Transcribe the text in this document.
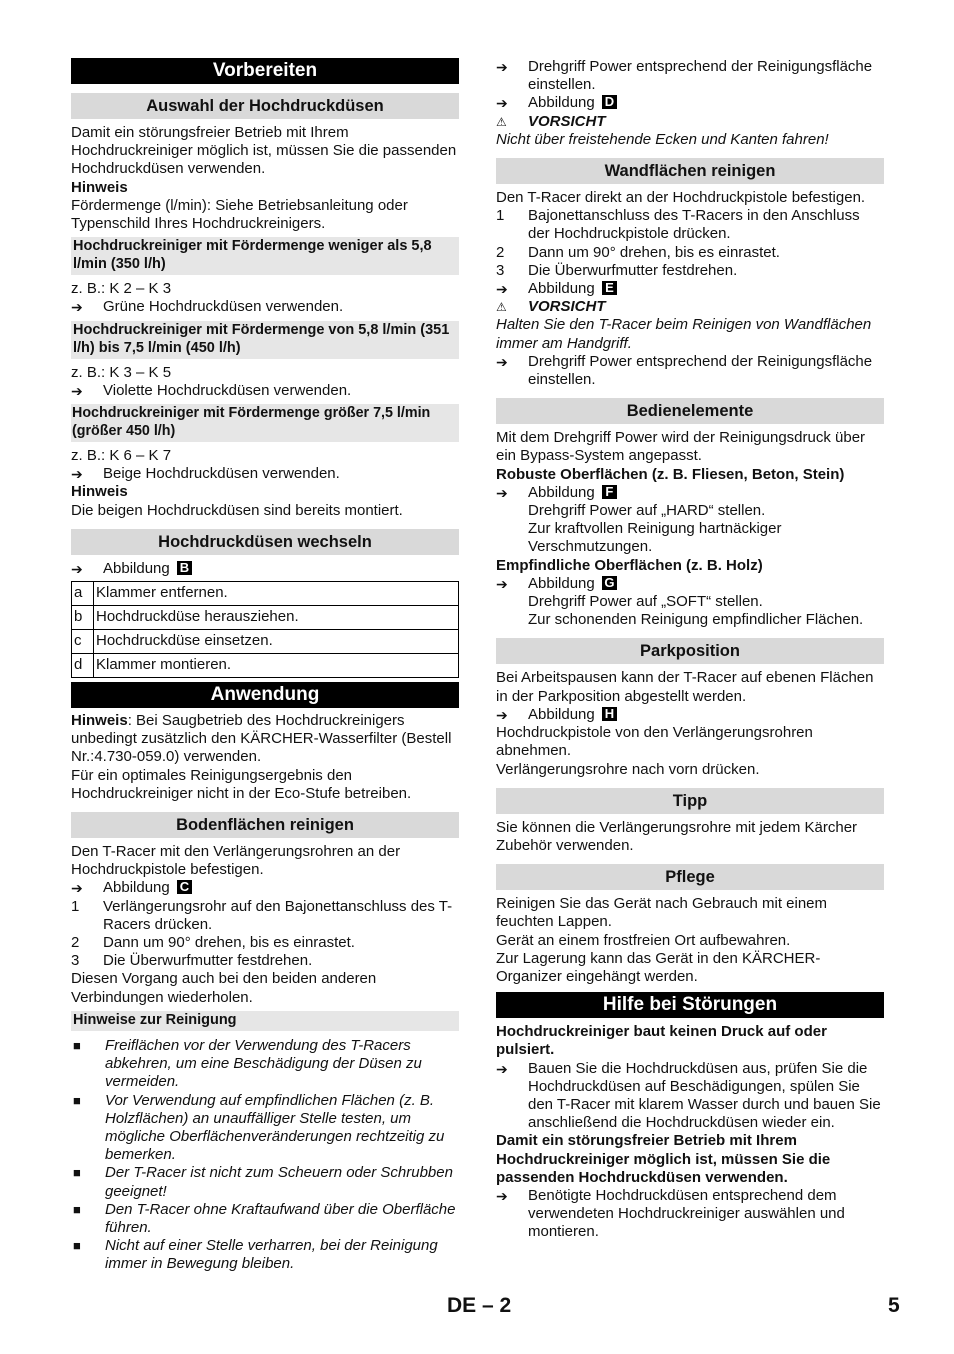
Vorbereiten
Auswahl der Hochdruckdüsen

Damit ein störungsfreier Betrieb mit Ihrem Hochdruckreiniger möglich ist, müssen Sie die passenden Hochdruckdüsen verwenden.

Hinweis

Fördermenge (l/min): Siehe Betriebsanleitung oder Typenschild Ihres Hochdruckreinigers.

Hochdruckreiniger mit Fördermenge weniger als 5,8 l/min (350 l/h)

z. B.: K 2 – K 3

➔	Grüne Hochdruckdüsen verwenden.
Hochdruckreiniger mit Fördermenge von 5,8 l/min (351 l/h) bis 7,5 l/min (450 l/h)

z. B.: K 3 – K 5

➔	Violette Hochdruckdüsen verwenden.
Hochdruckreiniger mit Fördermenge größer 7,5 l/min (größer 450 l/h)

z. B.: K 6 – K 7

➔	Beige Hochdruckdüsen verwenden.

Hinweis

Die beigen Hochdruckdüsen sind bereits montiert.

Hochdruckdüsen wechseln
➔	Abbildung B
a	Klammer entfernen.
b	Hochdruckdüse herausziehen.
c	Hochdruckdüse einsetzen.
d	Klammer montieren.
Anwendung

Hinweis: Bei Saugbetrieb des Hochdruckreinigers unbedingt zusätzlich den KÄRCHER-Wasserfilter (Bestell Nr.:4.730-059.0) verwenden.

Für ein optimales Reinigungsergebnis den Hochdruckreiniger nicht in der Eco-Stufe betreiben.

Bodenflächen reinigen

Den T-Racer mit den Verlängerungsrohren an der Hochdruckpistole befestigen.

➔	Abbildung C
1	Verlängerungsrohr auf den Bajonettanschluss des T-Racers drücken.
2	Dann um 90° drehen, bis es einrastet.
3	Die Überwurfmutter festdrehen.

Diesen Vorgang auch bei den beiden anderen Verbindungen wiederholen.

Hinweise zur Reinigung
■	Freiflächen vor der Verwendung des T-Racers abkehren, um eine Beschädigung der Düsen zu vermeiden.
■	Vor Verwendung auf empfindlichen Flächen (z. B. Holzflächen) an unauffälliger Stelle testen, um mögliche Oberflächenveränderungen rechtzeitig zu bemerken.
■	Der T-Racer ist nicht zum Scheuern oder Schrubben geeignet!
■	Den T-Racer ohne Kraftaufwand über die Oberfläche führen.
■	Nicht auf einer Stelle verharren, bei der Reinigung immer in Bewegung bleiben.
➔	Drehgriff Power entsprechend der Reinigungsfläche einstellen.
➔	Abbildung D
⚠	VORSICHT

Nicht über freistehende Ecken und Kanten fahren!

Wandflächen reinigen

Den T-Racer direkt an der Hochdruckpistole befestigen.

1	Bajonettanschluss des T-Racers in den Anschluss der Hochdruckpistole drücken.
2	Dann um 90° drehen, bis es einrastet.
3	Die Überwurfmutter festdrehen.
➔	Abbildung E
⚠	VORSICHT

Halten Sie den T-Racer beim Reinigen von Wandflächen immer am Handgriff.

➔	Drehgriff Power entsprechend der Reinigungsfläche einstellen.
Bedienelemente

Mit dem Drehgriff Power wird der Reinigungsdruck über ein Bypass-System angepasst.

Robuste Oberflächen (z. B. Fliesen, Beton, Stein)

➔	Abbildung F
Drehgriff Power auf „HARD“ stellen.
Zur kraftvollen Reinigung hartnäckiger Verschmutzungen.

Empfindliche Oberflächen (z. B. Holz)

➔	Abbildung G
Drehgriff Power auf „SOFT“ stellen.
Zur schonenden Reinigung empfindlicher Flächen.
Parkposition

Bei Arbeitspausen kann der T-Racer auf ebenen Flächen in der Parkposition abgestellt werden.

➔	Abbildung H

Hochdruckpistole von den Verlängerungsrohren abnehmen.

Verlängerungsrohre nach vorn drücken.

Tipp

Sie können die Verlängerungsrohre mit jedem Kärcher Zubehör verwenden.

Pflege

Reinigen Sie das Gerät nach Gebrauch mit einem feuchten Lappen.

Gerät an einem frostfreien Ort aufbewahren.

Zur Lagerung kann das Gerät in den KÄRCHER-Organizer eingehängt werden.

Hilfe bei Störungen

Hochdruckreiniger baut keinen Druck auf oder pulsiert.

➔	Bauen Sie die Hochdruckdüsen aus, prüfen Sie die Hochdruckdüsen auf Beschädigungen, spülen Sie den T-Racer mit klarem Wasser durch und bauen Sie anschließend die Hochdruckdüsen wieder ein.

Damit ein störungsfreier Betrieb mit Ihrem Hochdruckreiniger möglich ist, müssen Sie die passenden Hochdruckdüsen verwenden.

➔	Benötigte Hochdruckdüsen entsprechend dem verwendeten Hochdruckreiniger auswählen und montieren.
DE – 2	5
